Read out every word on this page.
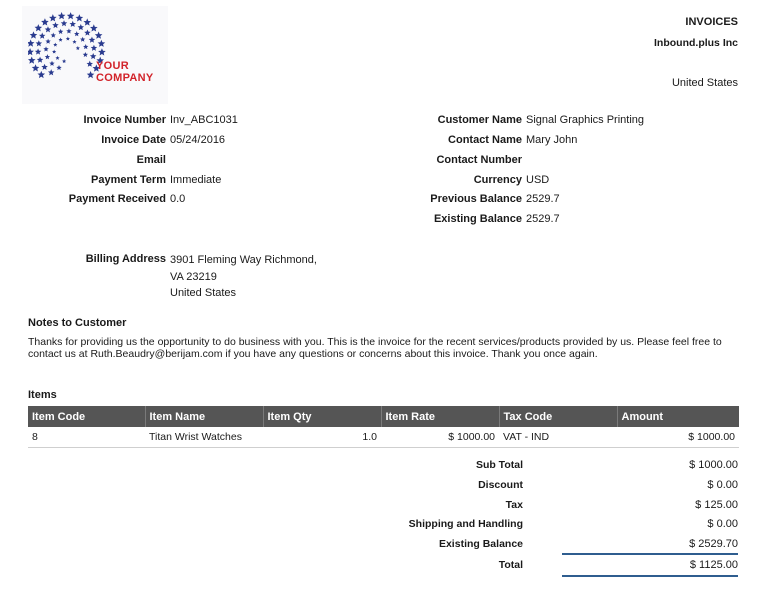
YOUR
COMPANY
INVOICES
Inbound.plus Inc
United States
Invoice Number Inv_ABC1031
Invoice Date 05/24/2016
Email
Payment Term Immediate
Payment Received 0.0
Customer Name Signal Graphics Printing
Contact Name Mary John
Contact Number
Currency USD
Previous Balance 2529.7
Existing Balance 2529.7
Billing Address 3901 Fleming Way Richmond,
VA 23219
United States
Notes to Customer
Thanks for providing us the opportunity to do business with you. This is the invoice for the recent services/products provided by us. Please feel free to contact us at Ruth.Beaudry@berijam.com if you have any questions or concerns about this invoice. Thank you once again.
Items
Item Code	Item Name	Item Qty	Item Rate	Tax Code	Amount
8	Titan Wrist Watches	1.0	$ 1000.00	VAT - IND	$ 1000.00
Sub Total	$ 1000.00
Discount	$ 0.00
Tax	$ 125.00
Shipping and Handling	$ 0.00
Existing Balance	$ 2529.70
Total	$ 1125.00
